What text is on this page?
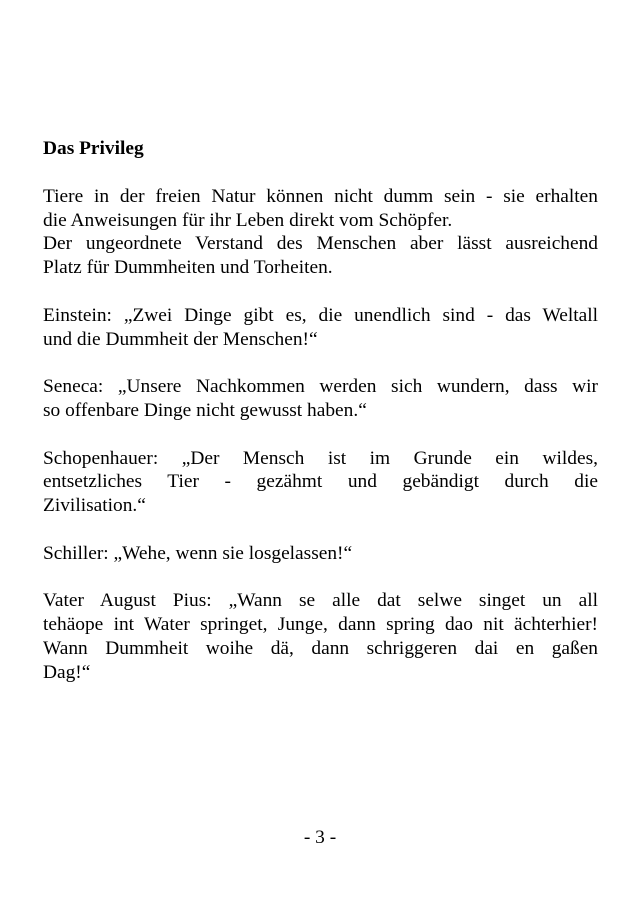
Das Privileg
Tiere in der freien Natur können nicht dumm sein - sie erhalten
die Anweisungen für ihr Leben direkt vom Schöpfer.
Der ungeordnete Verstand des Menschen aber lässt ausreichend
Platz für Dummheiten und Torheiten.
Einstein: „Zwei Dinge gibt es, die unendlich sind - das Weltall
und die Dummheit der Menschen!“
Seneca: „Unsere Nachkommen werden sich wundern, dass wir
so offenbare Dinge nicht gewusst haben.“
Schopenhauer: „Der Mensch ist im Grunde ein wildes,
entsetzliches Tier - gezähmt und gebändigt durch die
Zivilisation.“
Schiller: „Wehe, wenn sie losgelassen!“
Vater August Pius: „Wann se alle dat selwe singet un all
tehäope int Water springet, Junge, dann spring dao nit ächterhier!
Wann Dummheit woihe dä, dann schriggeren dai en gaßen
Dag!“
- 3 -
